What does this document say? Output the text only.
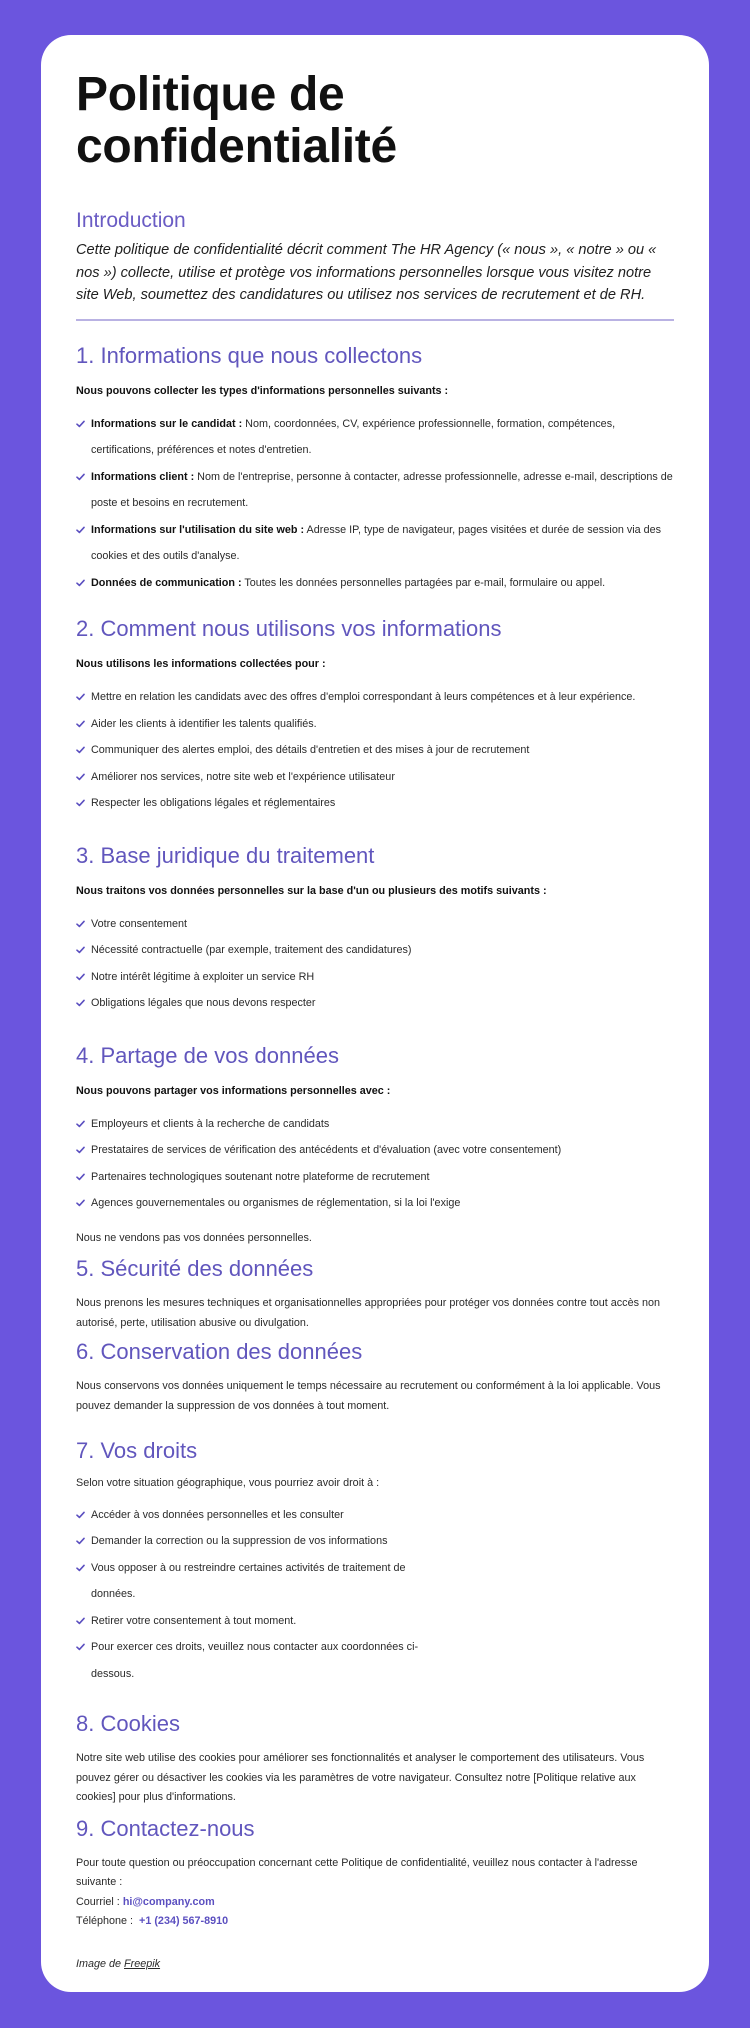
Politique de confidentialité
Introduction

Cette politique de confidentialité décrit comment The HR Agency (« nous », « notre » ou « nos ») collecte, utilise et protège vos informations personnelles lorsque vous visitez notre site Web, soumettez des candidatures ou utilisez nos services de recrutement et de RH.

1. Informations que nous collectons

Nous pouvons collecter les types d'informations personnelles suivants :

Informations sur le candidat : Nom, coordonnées, CV, expérience professionnelle, formation, compétences, certifications, préférences et notes d'entretien.
Informations client : Nom de l'entreprise, personne à contacter, adresse professionnelle, adresse e-mail, descriptions de poste et besoins en recrutement.
Informations sur l'utilisation du site web : Adresse IP, type de navigateur, pages visitées et durée de session via des cookies et des outils d'analyse.
Données de communication : Toutes les données personnelles partagées par e-mail, formulaire ou appel.
2. Comment nous utilisons vos informations

Nous utilisons les informations collectées pour :

Mettre en relation les candidats avec des offres d'emploi correspondant à leurs compétences et à leur expérience.
Aider les clients à identifier les talents qualifiés.
Communiquer des alertes emploi, des détails d'entretien et des mises à jour de recrutement
Améliorer nos services, notre site web et l'expérience utilisateur
Respecter les obligations légales et réglementaires
3. Base juridique du traitement

Nous traitons vos données personnelles sur la base d'un ou plusieurs des motifs suivants :

Votre consentement
Nécessité contractuelle (par exemple, traitement des candidatures)
Notre intérêt légitime à exploiter un service RH
Obligations légales que nous devons respecter
4. Partage de vos données

Nous pouvons partager vos informations personnelles avec :

Employeurs et clients à la recherche de candidats
Prestataires de services de vérification des antécédents et d'évaluation (avec votre consentement)
Partenaires technologiques soutenant notre plateforme de recrutement
Agences gouvernementales ou organismes de réglementation, si la loi l'exige

Nous ne vendons pas vos données personnelles.

5. Sécurité des données

Nous prenons les mesures techniques et organisationnelles appropriées pour protéger vos données contre tout accès non autorisé, perte, utilisation abusive ou divulgation.

6. Conservation des données

Nous conservons vos données uniquement le temps nécessaire au recrutement ou conformément à la loi applicable. Vous pouvez demander la suppression de vos données à tout moment.

7. Vos droits

Selon votre situation géographique, vous pourriez avoir droit à :

Accéder à vos données personnelles et les consulter
Demander la correction ou la suppression de vos informations
Vous opposer à ou restreindre certaines activités de traitement de données.
Retirer votre consentement à tout moment.
Pour exercer ces droits, veuillez nous contacter aux coordonnées ci-dessous.
8. Cookies

Notre site web utilise des cookies pour améliorer ses fonctionnalités et analyser le comportement des utilisateurs. Vous pouvez gérer ou désactiver les cookies via les paramètres de votre navigateur. Consultez notre [Politique relative aux cookies] pour plus d'informations.

9. Contactez-nous

Pour toute question ou préoccupation concernant cette Politique de confidentialité, veuillez nous contacter à l'adresse suivante :

Courriel : hi@company.com

Téléphone :  +1 (234) 567-8910

Image de Freepik
